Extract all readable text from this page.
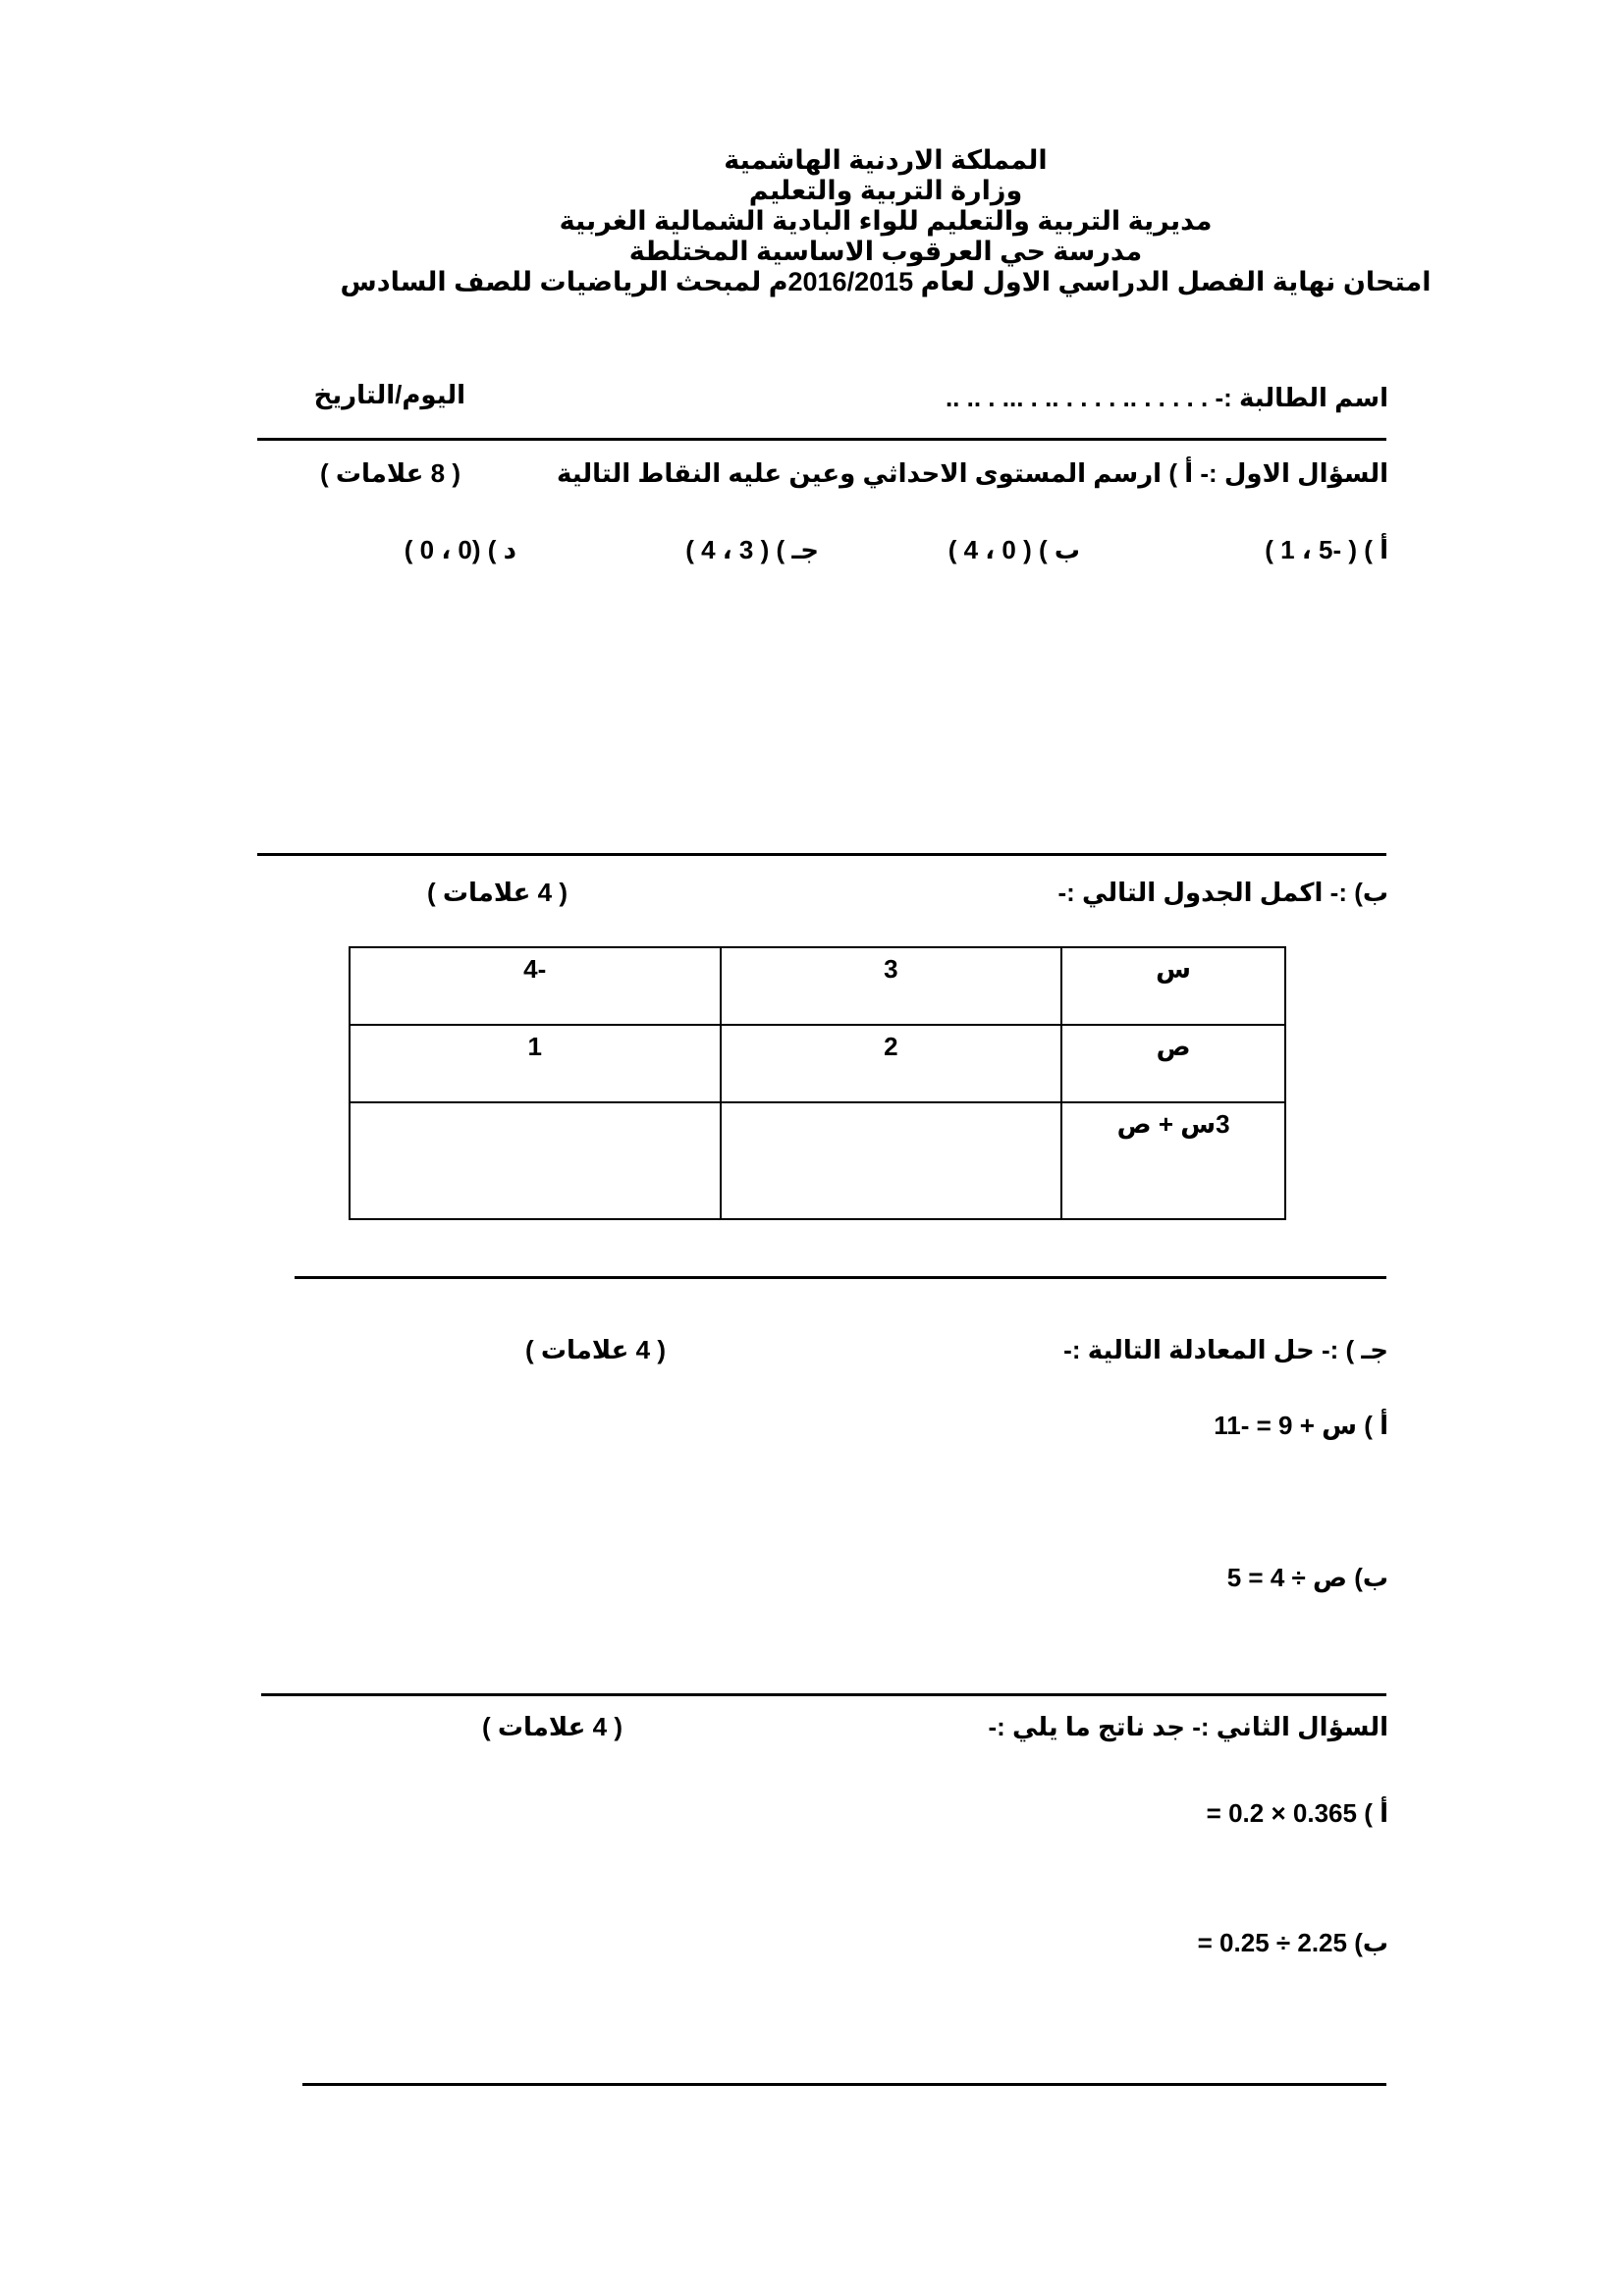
المملكة الاردنية الهاشمية
وزارة التربية والتعليم
مديرية التربية والتعليم للواء البادية الشمالية الغربية
مدرسة حي العرقوب الاساسية المختلطة
امتحان نهاية الفصل الدراسي الاول لعام 2016/2015م لمبحث الرياضيات للصف السادس
اسم الطالبة :- . . . . . .. . . . . .. . ... . .. ..
اليوم/التاريخ
السؤال الاول :- أ ) ارسم المستوى الاحداثي وعين عليه النقاط التالية
( 8 علامات )
أ ) ( -5 ، 1 )
ب ) ( 0 ، 4 )
جـ ) ( 3 ، 4 )
د ) (0 ، 0 )
ب) :- اكمل الجدول التالي :-
( 4 علامات )
س	3	-4
ص	2	1
3س + ص		
جـ ) :- حل المعادلة التالية :-
( 4 علامات )
أ ) س + 9 = -11
ب) ص ÷ 4 = 5
السؤال الثاني :- جد ناتج ما يلي :-
( 4 علامات )
أ ) 0.365 × 0.2 =
ب) 2.25 ÷ 0.25 =
